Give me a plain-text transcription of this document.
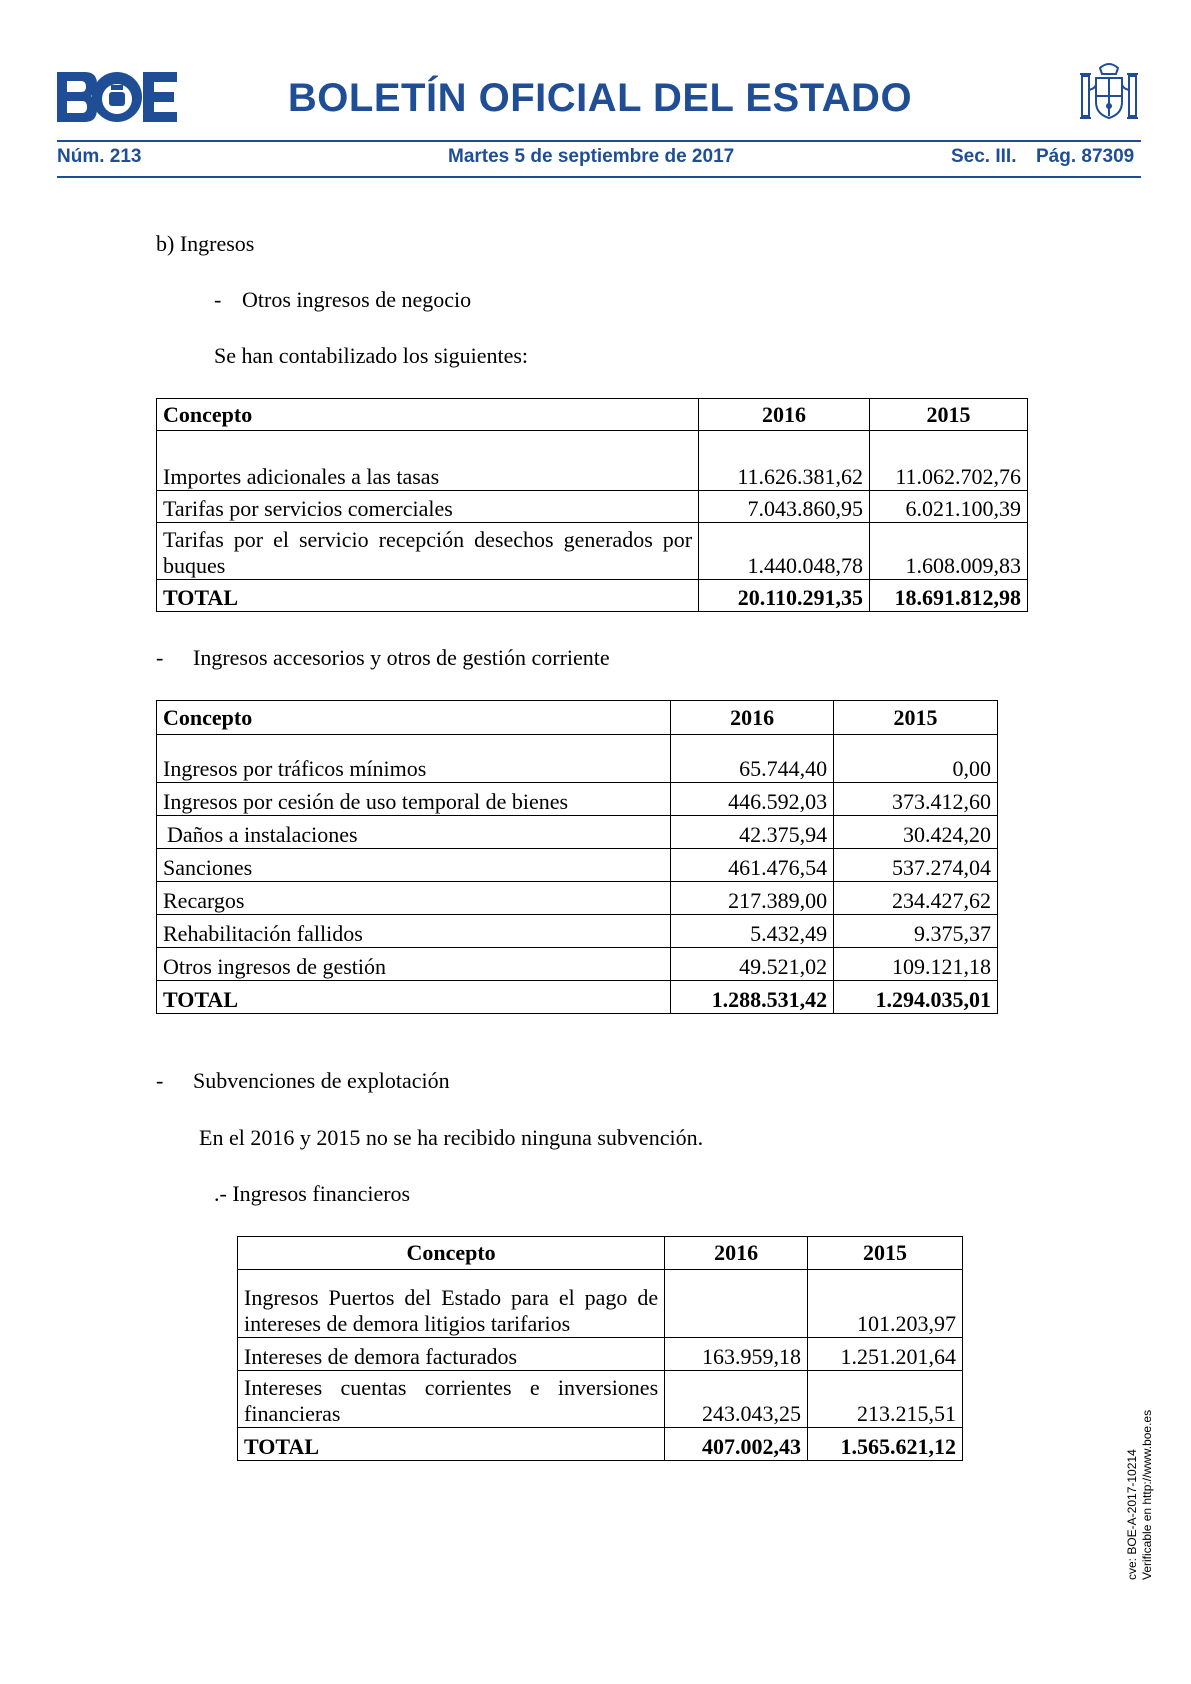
BOLETÍN OFICIAL DEL ESTADO
Núm. 213	Martes 5 de septiembre de 2017	Sec. III. Pág. 87309
b) Ingresos
- Otros ingresos de negocio
Se han contabilizado los siguientes:
Concepto	2016	2015
Importes adicionales a las tasas	11.626.381,62	11.062.702,76
Tarifas por servicios comerciales	7.043.860,95	6.021.100,39
Tarifas por el servicio recepción desechos generados por buques	1.440.048,78	1.608.009,83
TOTAL	20.110.291,35	18.691.812,98
- Ingresos accesorios y otros de gestión corriente
Concepto	2016	2015
Ingresos por tráficos mínimos	65.744,40	0,00
Ingresos por cesión de uso temporal de bienes	446.592,03	373.412,60
Daños a instalaciones	42.375,94	30.424,20
Sanciones	461.476,54	537.274,04
Recargos	217.389,00	234.427,62
Rehabilitación fallidos	5.432,49	9.375,37
Otros ingresos de gestión	49.521,02	109.121,18
TOTAL	1.288.531,42	1.294.035,01
- Subvenciones de explotación
En el 2016 y 2015 no se ha recibido ninguna subvención.
.- Ingresos financieros
Concepto	2016	2015
Ingresos Puertos del Estado para el pago de intereses de demora litigios tarifarios		101.203,97
Intereses de demora facturados	163.959,18	1.251.201,64
Intereses cuentas corrientes e inversiones financieras	243.043,25	213.215,51
TOTAL	407.002,43	1.565.621,12
cve: BOE-A-2017-10214 Verificable en http://www.boe.es
